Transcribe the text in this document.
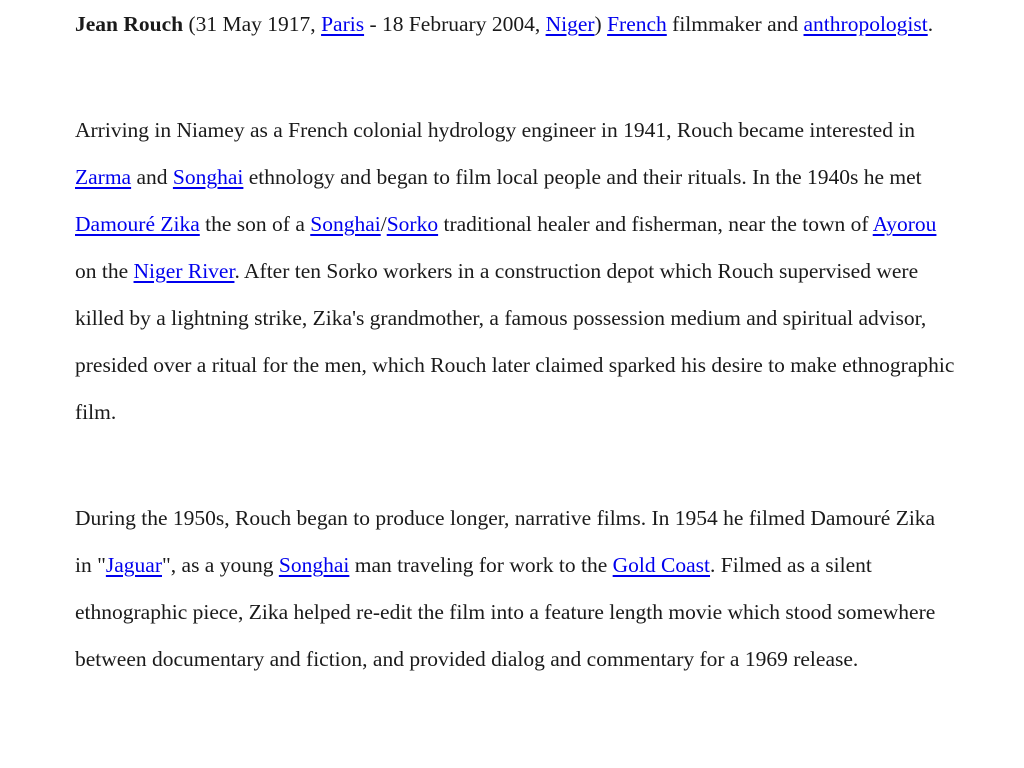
Jean Rouch (31 May 1917, Paris - 18 February 2004, Niger) French filmmaker and anthropologist.

Arriving in Niamey as a French colonial hydrology engineer in 1941, Rouch became interested in Zarma and Songhai ethnology and began to film local people and their rituals. In the 1940s he met Damouré Zika the son of a Songhai/Sorko traditional healer and fisherman, near the town of Ayorou on the Niger River. After ten Sorko workers in a construction depot which Rouch supervised were killed by a lightning strike, Zika's grandmother, a famous possession medium and spiritual advisor, presided over a ritual for the men, which Rouch later claimed sparked his desire to make ethnographic film.

During the 1950s, Rouch began to produce longer, narrative films. In 1954 he filmed Damouré Zika in "Jaguar", as a young Songhai man traveling for work to the Gold Coast. Filmed as a silent ethnographic piece, Zika helped re-edit the film into a feature length movie which stood somewhere between documentary and fiction, and provided dialog and commentary for a 1969 release.
